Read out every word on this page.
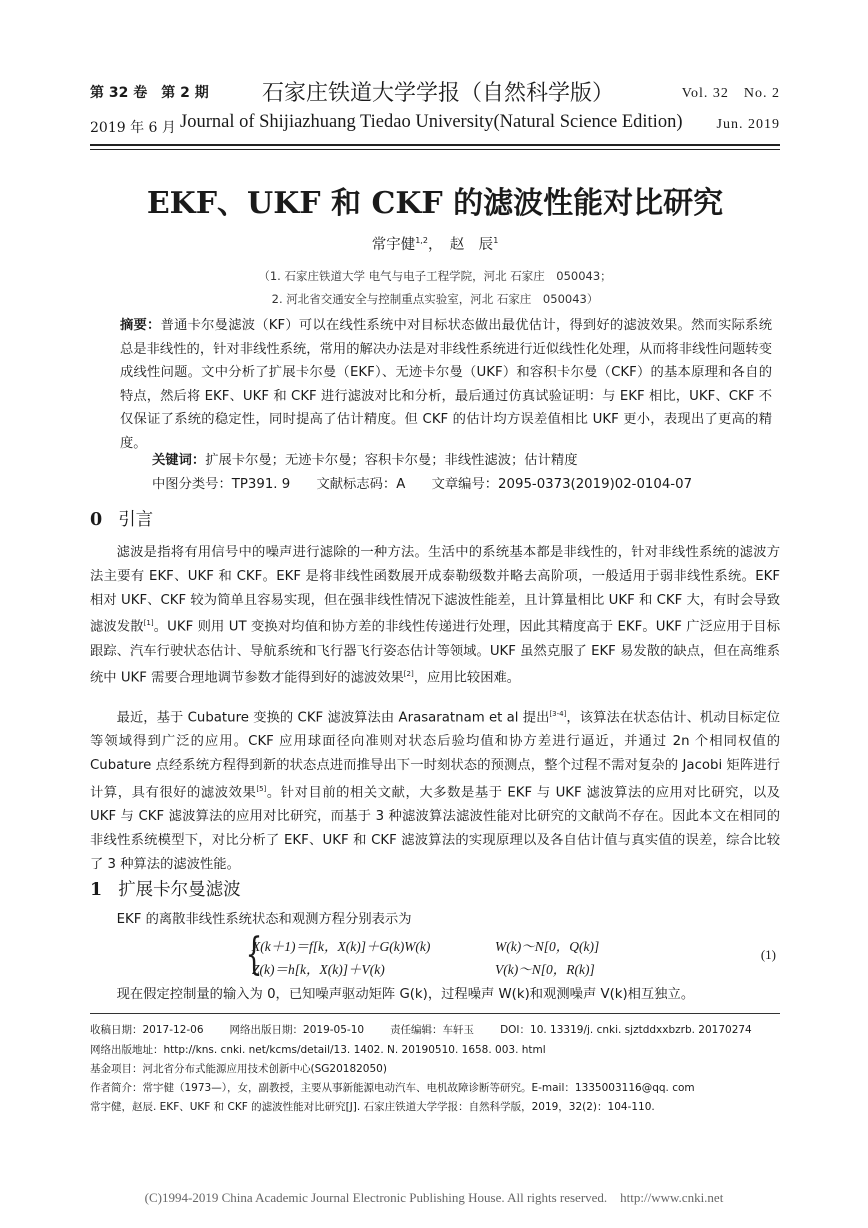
第 32 卷　第 2 期 石家庄铁道大学学报（自然科学版）	Vol. 32　No. 2
2019 年 6 月 Journal of Shijiazhuang Tiedao University(Natural Science Edition) Jun. 2019
EKF、UKF 和 CKF 的滤波性能对比研究
常宇健$^{1,2}$，　赵　辰$^1$
（1. 石家庄铁道大学 电气与电子工程学院，河北 石家庄　050043；
2. 河北省交通安全与控制重点实验室，河北 石家庄　050043）
摘要：普通卡尔曼滤波（KF）可以在线性系统中对目标状态做出最优估计，得到好的滤波效果。然而实际系统总是非线性的，针对非线性系统，常用的解决办法是对非线性系统进行近似线性化处理，从而将非线性问题转变成线性问题。文中分析了扩展卡尔曼（EKF）、无迹卡尔曼（UKF）和容积卡尔曼（CKF）的基本原理和各自的特点，然后将 EKF、UKF 和 CKF 进行滤波对比和分析，最后通过仿真试验证明：与 EKF 相比，UKF、CKF 不仅保证了系统的稳定性，同时提高了估计精度。但 CKF 的估计均方误差值相比 UKF 更小，表现出了更高的精度。
关键词：扩展卡尔曼；无迹卡尔曼；容积卡尔曼；非线性滤波；估计精度
中图分类号：TP391. 9 文献标志码：A 文章编号：2095-0373(2019)02-0104-07
0 引言
滤波是指将有用信号中的噪声进行滤除的一种方法。生活中的系统基本都是非线性的，针对非线性系统的滤波方法主要有 EKF、UKF 和 CKF。EKF 是将非线性函数展开成泰勒级数并略去高阶项，一般适用于弱非线性系统。EKF 相对 UKF、CKF 较为简单且容易实现，但在强非线性情况下滤波性能差，且计算量相比 UKF 和 CKF 大，有时会导致滤波发散[1]。UKF 则用 UT 变换对均值和协方差的非线性传递进行处理，因此其精度高于 EKF。UKF 广泛应用于目标跟踪、汽车行驶状态估计、导航系统和飞行器飞行姿态估计等领域。UKF 虽然克服了 EKF 易发散的缺点，但在高维系统中 UKF 需要合理地调节参数才能得到好的滤波效果[2]，应用比较困难。
最近，基于 Cubature 变换的 CKF 滤波算法由 Arasaratnam et al 提出[3-4]，该算法在状态估计、机动目标定位等领域得到广泛的应用。CKF 应用球面径向准则对状态后验均值和协方差进行逼近，并通过 2n 个相同权值的 Cubature 点经系统方程得到新的状态点进而推导出下一时刻状态的预测点，整个过程不需对复杂的 Jacobi 矩阵进行计算，具有很好的滤波效果[5]。针对目前的相关文献，大多数是基于 EKF 与 UKF 滤波算法的应用对比研究，以及 UKF 与 CKF 滤波算法的应用对比研究，而基于 3 种滤波算法滤波性能对比研究的文献尚不存在。因此本文在相同的非线性系统模型下，对比分析了 EKF、UKF 和 CKF 滤波算法的实现原理以及各自估计值与真实值的误差，综合比较了 3 种算法的滤波性能。
1 扩展卡尔曼滤波
EKF 的离散非线性系统状态和观测方程分别表示为
{
X(k＋1)＝f[k，X(k)]＋G(k)W(k)	W(k)～N[0，Q(k)]
Z(k)＝h[k，X(k)]＋V(k)	V(k)～N[0，R(k)]
(1)
现在假定控制量的输入为 0，已知噪声驱动矩阵 G(k)，过程噪声 W(k)和观测噪声 V(k)相互独立。
收稿日期：2017-12-06 网络出版日期：2019-05-10 责任编辑：车轩玉 DOI：10. 13319/j. cnki. sjztddxxbzrb. 20170274
网络出版地址：http://kns. cnki. net/kcms/detail/13. 1402. N. 20190510. 1658. 003. html
基金项目：河北省分布式能源应用技术创新中心(SG20182050)
作者简介：常宇健（1973—），女，副教授，主要从事新能源电动汽车、电机故障诊断等研究。E-mail：1335003116@qq. com
常宇健，赵辰. EKF、UKF 和 CKF 的滤波性能对比研究[J]. 石家庄铁道大学学报：自然科学版，2019，32(2)：104-110.
(C)1994-2019 China Academic Journal Electronic Publishing House. All rights reserved.　http://www.cnki.net
